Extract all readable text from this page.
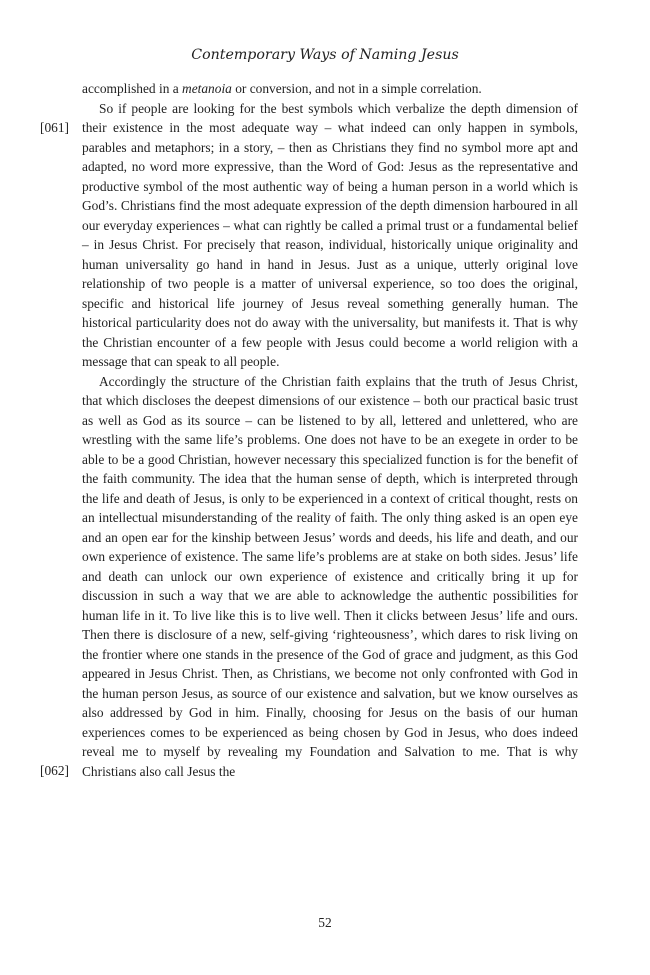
Contemporary Ways of Naming Jesus
[061]
[062]

accomplished in a metanoia or conversion, and not in a simple correlation.

So if people are looking for the best symbols which verbalize the depth dimension of their existence in the most adequate way – what indeed can only happen in symbols, parables and metaphors; in a story, – then as Christians they find no symbol more apt and adapted, no word more expressive, than the Word of God: Jesus as the representative and productive symbol of the most authentic way of being a human person in a world which is God’s. Christians find the most adequate expression of the depth dimension harboured in all our everyday experiences – what can rightly be called a primal trust or a fundamental belief – in Jesus Christ. For precisely that reason, individual, historically unique originality and human universality go hand in hand in Jesus. Just as a unique, utterly original love relationship of two people is a matter of universal experience, so too does the original, specific and historical life journey of Jesus reveal something generally human. The historical particularity does not do away with the universality, but manifests it. That is why the Christian encounter of a few people with Jesus could become a world religion with a message that can speak to all people.

Accordingly the structure of the Christian faith explains that the truth of Jesus Christ, that which discloses the deepest dimensions of our existence – both our practical basic trust as well as God as its source – can be listened to by all, lettered and unlettered, who are wrestling with the same life’s problems. One does not have to be an exegete in order to be able to be a good Christian, however necessary this specialized function is for the benefit of the faith community. The idea that the human sense of depth, which is interpreted through the life and death of Jesus, is only to be experienced in a context of critical thought, rests on an intellectual misunderstanding of the reality of faith. The only thing asked is an open eye and an open ear for the kinship between Jesus’ words and deeds, his life and death, and our own experience of existence. The same life’s problems are at stake on both sides. Jesus’ life and death can unlock our own experience of existence and critically bring it up for discussion in such a way that we are able to acknowledge the authentic possibilities for human life in it. To live like this is to live well. Then it clicks between Jesus’ life and ours. Then there is disclosure of a new, self-giving ‘righteousness’, which dares to risk living on the frontier where one stands in the presence of the God of grace and judgment, as this God appeared in Jesus Christ. Then, as Christians, we become not only confronted with God in the human person Jesus, as source of our existence and salvation, but we know ourselves as also addressed by God in him. Finally, choosing for Jesus on the basis of our human experiences comes to be experienced as being chosen by God in Jesus, who does indeed reveal me to myself by revealing my Foundation and Salvation to me. That is why Christians also call Jesus the

52
